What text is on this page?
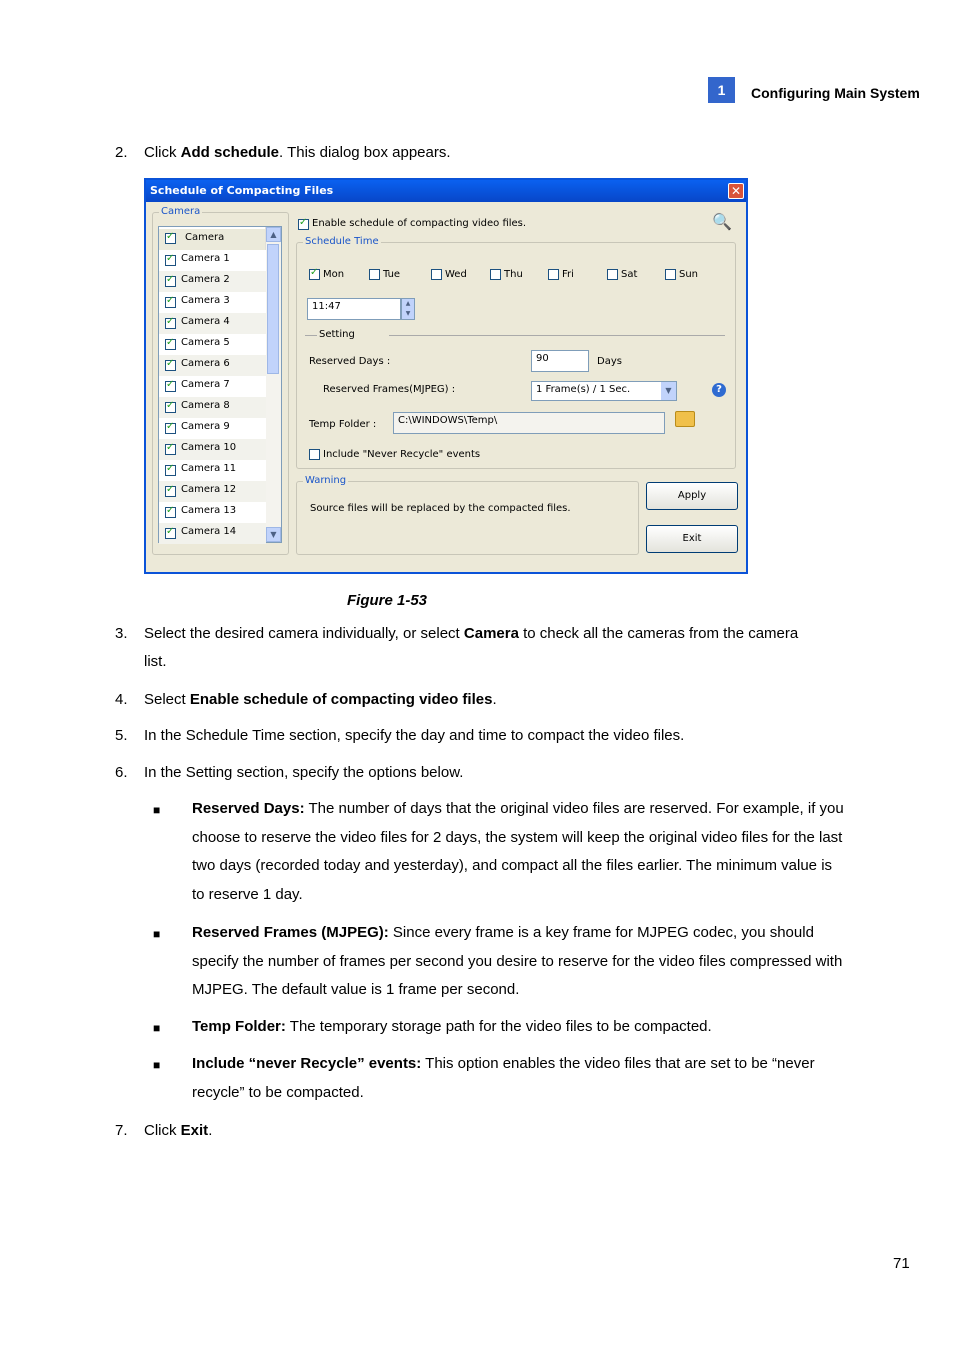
1	Configuring Main System
2. Click Add schedule. This dialog box appears.
Schedule of Compacting Files	✕
Camera
✓
Camera	▲
▼
✓
Camera 1
✓
Camera 2
✓
Camera 3
✓
Camera 4
✓
Camera 5
✓
Camera 6
✓
Camera 7
✓
Camera 8
✓
Camera 9
✓
Camera 10
✓
Camera 11
✓
Camera 12
✓
Camera 13
✓
Camera 14
✓
Enable schedule of compacting video files.	🔍
Schedule Time
✓
Mon	Tue	Wed	Thu	Fri	Sat	Sun
11:47	▲
▼
Setting
Reserved Days :	90	Days
Reserved Frames(MJPEG) :	1 Frame(s) / 1 Sec.	▼	?
Temp Folder :	C:\WINDOWS\Temp\
Include "Never Recycle" events
Warning
Source files will be replaced by the compacted files.
Apply
Exit
Figure 1-53
3. Select the desired camera individually, or select Camera to check all the cameras from the camera list.
4. Select Enable schedule of compacting video files.
5. In the Schedule Time section, specify the day and time to compact the video files.
6. In the Setting section, specify the options below.
■ Reserved Days: The number of days that the original video files are reserved. For example, if you choose to reserve the video files for 2 days, the system will keep the original video files for the last two days (recorded today and yesterday), and compact all the files earlier. The minimum value is to reserve 1 day.
■ Reserved Frames (MJPEG): Since every frame is a key frame for MJPEG codec, you should specify the number of frames per second you desire to reserve for the video files compressed with MJPEG. The default value is 1 frame per second.
■ Temp Folder: The temporary storage path for the video files to be compacted.
■ Include “never Recycle” events: This option enables the video files that are set to be “never recycle” to be compacted.
7. Click Exit.
71
